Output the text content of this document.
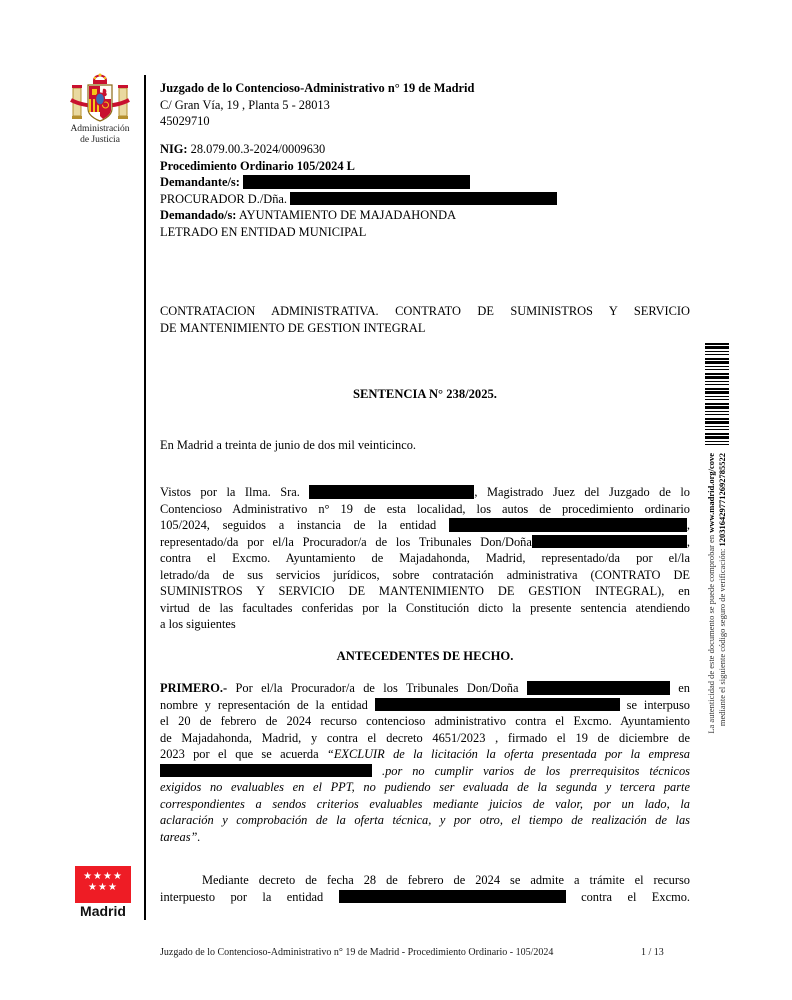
Administración
de Justicia
Juzgado de lo Contencioso-Administrativo n° 19 de Madrid
C/ Gran Vía, 19 , Planta 5 - 28013
45029710
NIG: 28.079.00.3-2024/0009630
Procedimiento Ordinario 105/2024 L
Demandante/s:
PROCURADOR D./Dña.
Demandado/s: AYUNTAMIENTO DE MAJADAHONDA
LETRADO EN ENTIDAD MUNICIPAL
CONTRATACION ADMINISTRATIVA. CONTRATO DE SUMINISTROS Y SERVICIO
DE MANTENIMIENTO DE GESTION INTEGRAL
SENTENCIA N° 238/2025.
En Madrid a treinta de junio de dos mil veinticinco.
Vistos por la Ilma. Sra.	, Magistrado Juez del Juzgado de lo
Contencioso Administrativo n° 19 de esta localidad, los autos de procedimiento ordinario
105/2024, seguidos a instancia de la entidad	,
representado/da por el/la Procurador/a de los Tribunales Don/Doña	,
contra el Excmo. Ayuntamiento de Majadahonda, Madrid, representado/da por el/la
letrado/da de sus servicios jurídicos, sobre contratación administrativa (CONTRATO DE
SUMINISTROS Y SERVICIO DE MANTENIMIENTO DE GESTION INTEGRAL), en
virtud de las facultades conferidas por la Constitución dicto la presente sentencia atendiendo
a los siguientes
ANTECEDENTES DE HECHO.
PRIMERO.- Por el/la Procurador/a de los Tribunales Don/Doña	en
nombre y representación de la entidad	se interpuso
el 20 de febrero de 2024 recurso contencioso administrativo contra el Excmo. Ayuntamiento
de Majadahonda, Madrid, y contra el decreto 4651/2023 , firmado el 19 de diciembre de
2023 por el que se acuerda “EXCLUIR de la licitación la oferta presentada por la empresa
.por no cumplir varios de los prerrequisitos técnicos
exigidos no evaluables en el PPT, no pudiendo ser evaluada de la segunda y tercera parte
correspondientes a sendos criterios evaluables mediante juicios de valor, por un lado, la
aclaración y comprobación de la oferta técnica, y por otro, el tiempo de realización de las
tareas”.
Mediante decreto de fecha 28 de febrero de 2024 se admite a trámite el recurso
interpuesto por la entidad	contra el Excmo.
★★★★
★★★
Madrid
La autenticidad de este documento se puede comprobar en www.madrid.org/cove
mediante el siguiente código seguro de verificación: 1203164297712692785522
Juzgado de lo Contencioso-Administrativo n° 19 de Madrid - Procedimiento Ordinario - 105/2024	1 / 13
